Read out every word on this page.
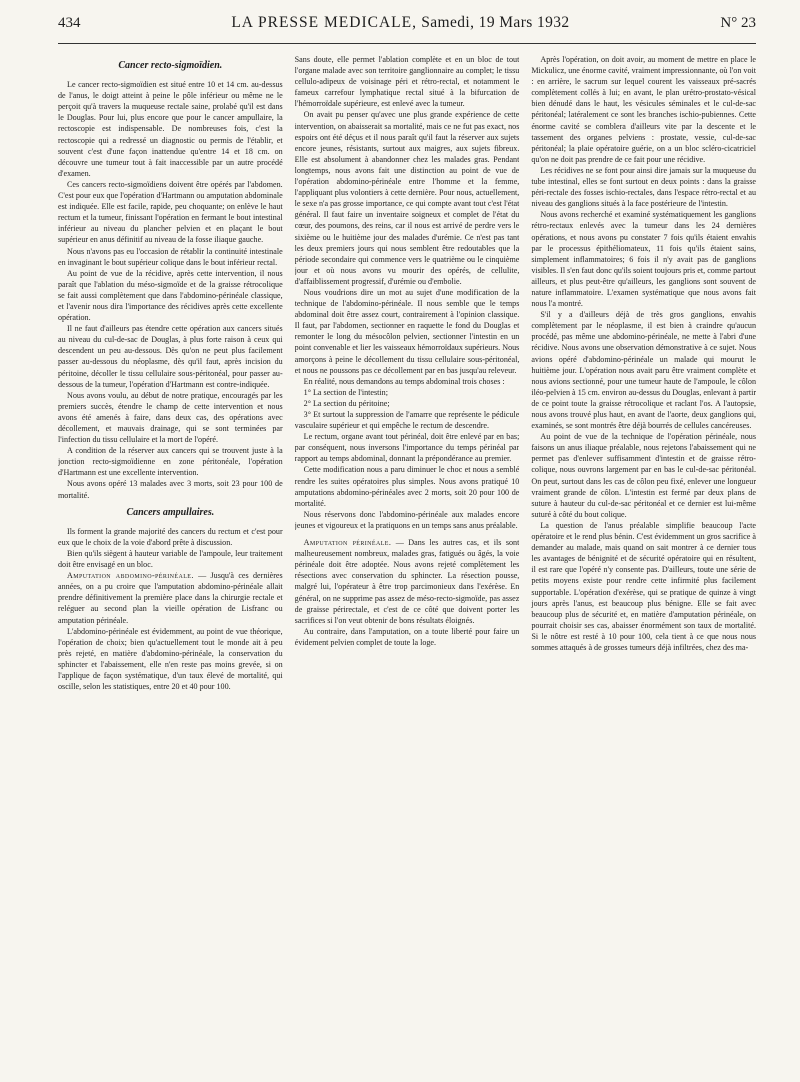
434	LA PRESSE MEDICALE, Samedi, 19 Mars 1932	N° 23
Cancer recto-sigmoïdien.

Le cancer recto-sigmoïdien est situé entre 10 et 14 cm. au-dessus de l'anus, le doigt atteint à peine le pôle inférieur ou même ne le perçoit qu'à travers la muqueuse rectale saine, prolabé qu'il est dans le Douglas. Pour lui, plus encore que pour le cancer ampullaire, la rectoscopie est indispensable. De nombreuses fois, c'est la rectoscopie qui a redressé un diagnostic ou permis de l'établir, et souvent c'est d'une façon inattendue qu'entre 14 et 18 cm. on découvre une tumeur tout à fait inaccessible par un autre procédé d'examen.

Ces cancers recto-sigmoïdiens doivent être opérés par l'abdomen. C'est pour eux que l'opération d'Hartmann ou amputation abdominale est indiquée. Elle est facile, rapide, peu choquante; on enlève le haut rectum et la tumeur, finissant l'opération en fermant le bout intestinal inférieur au niveau du plancher pelvien et en plaçant le bout supérieur en anus définitif au niveau de la fosse iliaque gauche.

Nous n'avons pas eu l'occasion de rétablir la continuité intestinale en invaginant le bout supérieur colique dans le bout inférieur rectal.

Au point de vue de la récidive, après cette intervention, il nous paraît que l'ablation du méso-sigmoïde et de la graisse rétrocolique se fait aussi complètement que dans l'abdomino-périnéale classique, et l'avenir nous dira l'importance des récidives après cette excellente opération.

Il ne faut d'ailleurs pas étendre cette opération aux cancers situés au niveau du cul-de-sac de Douglas, à plus forte raison à ceux qui descendent un peu au-dessous. Dès qu'on ne peut plus facilement passer au-dessous du néoplasme, dès qu'il faut, après incision du péritoine, décoller le tissu cellulaire sous-péritonéal, pour passer au-dessous de la tumeur, l'opération d'Hartmann est contre-indiquée.

Nous avons voulu, au début de notre pratique, encouragés par les premiers succès, étendre le champ de cette intervention et nous avons été amenés à faire, dans deux cas, des opérations avec décollement, et mauvais drainage, qui se sont terminées par l'infection du tissu cellulaire et la mort de l'opéré.

A condition de la réserver aux cancers qui se trouvent juste à la jonction recto-sigmoïdienne en zone péritonéale, l'opération d'Hartmann est une excellente intervention.

Nous avons opéré 13 malades avec 3 morts, soit 23 pour 100 de mortalité.

Cancers ampullaires.

Ils forment la grande majorité des cancers du rectum et c'est pour eux que le choix de la voie d'abord prête à discussion.

Bien qu'ils siègent à hauteur variable de l'ampoule, leur traitement doit être envisagé en un bloc.

Amputation abdomino-périnéale. — Jusqu'à ces dernières années, on a pu croire que l'amputation abdomino-périnéale allait prendre définitivement la première place dans la chirurgie rectale et reléguer au second plan la vieille opération de Lisfranc ou amputation périnéale.

L'abdomino-périnéale est évidemment, au point de vue théorique, l'opération de choix; bien qu'actuellement tout le monde ait à peu près rejeté, en matière d'abdomino-périnéale, la conservation du sphincter et l'abaissement, elle n'en reste pas moins grevée, si on l'applique de façon systématique, d'un taux élevé de mortalité, qui oscille, selon les statistiques, entre 20 et 40 pour 100.

Sans doute, elle permet l'ablation complète et en un bloc de tout l'organe malade avec son territoire ganglionnaire au complet; le tissu cellulo-adipeux de voisinage péri et rétro-rectal, et notamment le fameux carrefour lymphatique rectal situé à la bifurcation de l'hémorroïdale supérieure, est enlevé avec la tumeur.

On avait pu penser qu'avec une plus grande expérience de cette intervention, on abaisserait sa mortalité, mais ce ne fut pas exact, nos espoirs ont été déçus et il nous paraît qu'il faut la réserver aux sujets encore jeunes, résistants, surtout aux maigres, aux sujets fibreux. Elle est absolument à abandonner chez les malades gras. Pendant longtemps, nous avons fait une distinction au point de vue de l'opération abdomino-périnéale entre l'homme et la femme, l'appliquant plus volontiers à cette dernière. Pour nous, actuellement, le sexe n'a pas grosse importance, ce qui compte avant tout c'est l'état général. Il faut faire un inventaire soigneux et complet de l'état du cœur, des poumons, des reins, car il nous est arrivé de perdre vers le sixième ou le huitième jour des malades d'urémie. Ce n'est pas tant les deux premiers jours qui nous semblent être redoutables que la période secondaire qui commence vers le quatrième ou le cinquième jour et où nous avons vu mourir des opérés, de cellulite, d'affaiblissement progressif, d'urémie ou d'embolie.

Nous voudrions dire un mot au sujet d'une modification de la technique de l'abdomino-périnéale. Il nous semble que le temps abdominal doit être assez court, contrairement à l'opinion classique. Il faut, par l'abdomen, sectionner en raquette le fond du Douglas et remonter le long du mésocôlon pelvien, sectionner l'intestin en un point convenable et lier les vaisseaux hémorroïdaux supérieurs. Nous amorçons à peine le décollement du tissu cellulaire sous-péritonéal, et nous ne poussons pas ce décollement par en bas jusqu'au releveur.

En réalité, nous demandons au temps abdominal trois choses :

1° La section de l'intestin;

2° La section du péritoine;

3° Et surtout la suppression de l'amarre que représente le pédicule vasculaire supérieur et qui empêche le rectum de descendre.

Le rectum, organe avant tout périnéal, doit être enlevé par en bas; par conséquent, nous inversons l'importance du temps périnéal par rapport au temps abdominal, donnant la prépondérance au premier.

Cette modification nous a paru diminuer le choc et nous a semblé rendre les suites opératoires plus simples. Nous avons pratiqué 10 amputations abdomino-périnéales avec 2 morts, soit 20 pour 100 de mortalité.

Nous réservons donc l'abdomino-périnéale aux malades encore jeunes et vigoureux et la pratiquons en un temps sans anus préalable.

Amputation périnéale. — Dans les autres cas, et ils sont malheureusement nombreux, malades gras, fatigués ou âgés, la voie périnéale doit être adoptée. Nous avons rejeté complètement les résections avec conservation du sphincter. La résection pousse, malgré lui, l'opérateur à être trop parcimonieux dans l'exérèse. En général, on ne supprime pas assez de méso-recto-sigmoïde, pas assez de graisse périrectale, et c'est de ce côté que doivent porter les sacrifices si l'on veut obtenir de bons résultats éloignés.

Au contraire, dans l'amputation, on a toute liberté pour faire un évidement pelvien complet de toute la loge.

Après l'opération, on doit avoir, au moment de mettre en place le Mickulicz, une énorme cavité, vraiment impressionnante, où l'on voit : en arrière, le sacrum sur lequel courent les vaisseaux pré-sacrés complètement collés à lui; en avant, le plan urétro-prostato-vésical bien dénudé dans le haut, les vésicules séminales et le cul-de-sac péritonéal; latéralement ce sont les branches ischio-pubiennes. Cette énorme cavité se comblera d'ailleurs vite par la descente et le tassement des organes pelviens : prostate, vessie, cul-de-sac péritonéal; la plaie opératoire guérie, on a un bloc scléro-cicatriciel qu'on ne doit pas prendre de ce fait pour une récidive.

Les récidives ne se font pour ainsi dire jamais sur la muqueuse du tube intestinal, elles se font surtout en deux points : dans la graisse péri-rectale des fosses ischio-rectales, dans l'espace rétro-rectal et au niveau des ganglions situés à la face postérieure de l'intestin.

Nous avons recherché et examiné systématiquement les ganglions rétro-rectaux enlevés avec la tumeur dans les 24 dernières opérations, et nous avons pu constater 7 fois qu'ils étaient envahis par le processus épithéliomateux, 11 fois qu'ils étaient sains, simplement inflammatoires; 6 fois il n'y avait pas de ganglions visibles. Il s'en faut donc qu'ils soient toujours pris et, comme partout ailleurs, et plus peut-être qu'ailleurs, les ganglions sont souvent de nature inflammatoire. L'examen systématique que nous avons fait nous l'a montré.

S'il y a d'ailleurs déjà de très gros ganglions, envahis complètement par le néoplasme, il est bien à craindre qu'aucun procédé, pas même une abdomino-périnéale, ne mette à l'abri d'une récidive. Nous avons une observation démonstrative à ce sujet. Nous avions opéré d'abdomino-périnéale un malade qui mourut le huitième jour. L'opération nous avait paru être vraiment complète et nous avions sectionné, pour une tumeur haute de l'ampoule, le côlon iléo-pelvien à 15 cm. environ au-dessus du Douglas, enlevant à partir de ce point toute la graisse rétrocolique et raclant l'os. A l'autopsie, nous avons trouvé plus haut, en avant de l'aorte, deux ganglions qui, examinés, se sont montrés être déjà bourrés de cellules cancéreuses.

Au point de vue de la technique de l'opération périnéale, nous faisons un anus iliaque préalable, nous rejetons l'abaissement qui ne permet pas d'enlever suffisamment d'intestin et de graisse rétro-colique, nous ouvrons largement par en bas le cul-de-sac péritonéal. On peut, surtout dans les cas de côlon peu fixé, enlever une longueur vraiment grande de côlon. L'intestin est fermé par deux plans de suture à hauteur du cul-de-sac péritonéal et ce dernier est lui-même suturé à côté du bout colique.

La question de l'anus préalable simplifie beaucoup l'acte opératoire et le rend plus bénin. C'est évidemment un gros sacrifice à demander au malade, mais quand on sait montrer à ce dernier tous les avantages de bénignité et de sécurité opératoire qui en résultent, il est rare que l'opéré n'y consente pas. D'ailleurs, toute une série de petits moyens existe pour rendre cette infirmité plus facilement supportable. L'opération d'exérèse, qui se pratique de quinze à vingt jours après l'anus, est beaucoup plus bénigne. Elle se fait avec beaucoup plus de sécurité et, en matière d'amputation périnéale, on pourrait choisir ses cas, abaisser énormément son taux de mortalité. Si le nôtre est resté à 10 pour 100, cela tient à ce que nous nous sommes attaqués à de grosses tumeurs déjà infiltrées, chez des ma-
